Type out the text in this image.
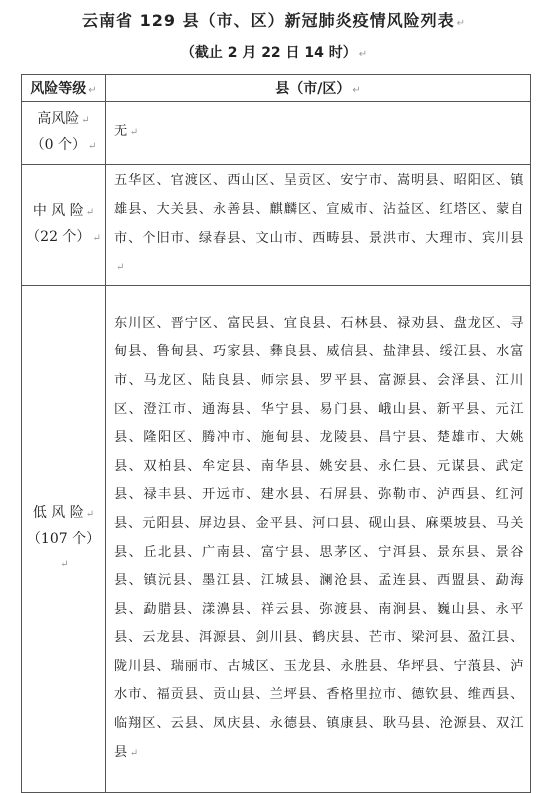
云南省 129 县（市、区）新冠肺炎疫情风险列表 ↵
（截止 2 月 22 日 14 时） ↵
风险等级 ↵	县（市/区） ↵
高风险 ↵
（0 个） ↵	无 ↵
中 风 险 ↵
（22 个） ↵	五华区、官渡区、西山区、呈贡区、安宁市、嵩明县、昭阳区、镇雄县、大关县、永善县、麒麟区、宣威市、沾益区、红塔区、蒙自市、个旧市、绿春县、文山市、西畴县、景洪市、大理市、宾川县↵
低 风 险 ↵
（107 个）↵	东川区、晋宁区、富民县、宜良县、石林县、禄劝县、盘龙区、寻甸县、鲁甸县、巧家县、彝良县、威信县、盐津县、绥江县、水富市、马龙区、陆良县、师宗县、罗平县、富源县、会泽县、江川区、澄江市、通海县、华宁县、易门县、峨山县、新平县、元江县、隆阳区、腾冲市、施甸县、龙陵县、昌宁县、楚雄市、大姚县、双柏县、牟定县、南华县、姚安县、永仁县、元谋县、武定县、禄丰县、开远市、建水县、石屏县、弥勒市、泸西县、红河县、元阳县、屏边县、金平县、河口县、砚山县、麻栗坡县、马关县、丘北县、广南县、富宁县、思茅区、宁洱县、景东县、景谷县、镇沅县、墨江县、江城县、澜沧县、孟连县、西盟县、勐海县、勐腊县、漾濞县、祥云县、弥渡县、南涧县、巍山县、永平县、云龙县、洱源县、剑川县、鹤庆县、芒市、梁河县、盈江县、陇川县、瑞丽市、古城区、玉龙县、永胜县、华坪县、宁蒗县、泸水市、福贡县、贡山县、兰坪县、香格里拉市、德钦县、维西县、临翔区、云县、凤庆县、永德县、镇康县、耿马县、沧源县、双江县 ↵
